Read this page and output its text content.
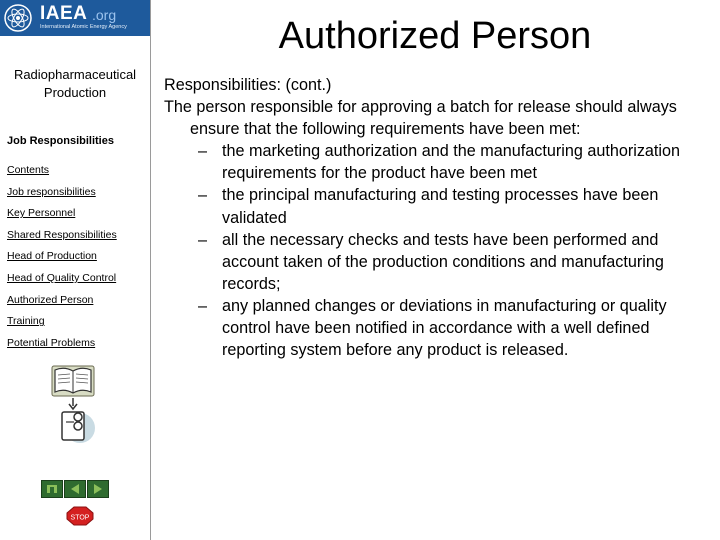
IAEA .org
International Atomic Energy Agency
Radiopharmaceutical
Production
Job Responsibilities
Contents
Job responsibilities
Key Personnel
Shared Responsibilities
Head of Production
Head of Quality Control
Authorized Person
Training
Potential Problems
STOP
Authorized Person

Responsibilities: (cont.)

The person responsible for approving a batch for release should always ensure that the following requirements have been met:

– the marketing authorization and the manufacturing authorization requirements for the product have been met
– the principal manufacturing and testing processes have been validated
– all the necessary checks and tests have been performed and account taken of the production conditions and manufacturing records;
– any planned changes or deviations in manufacturing or quality control have been notified in accordance with a well defined reporting system before any product is released.
